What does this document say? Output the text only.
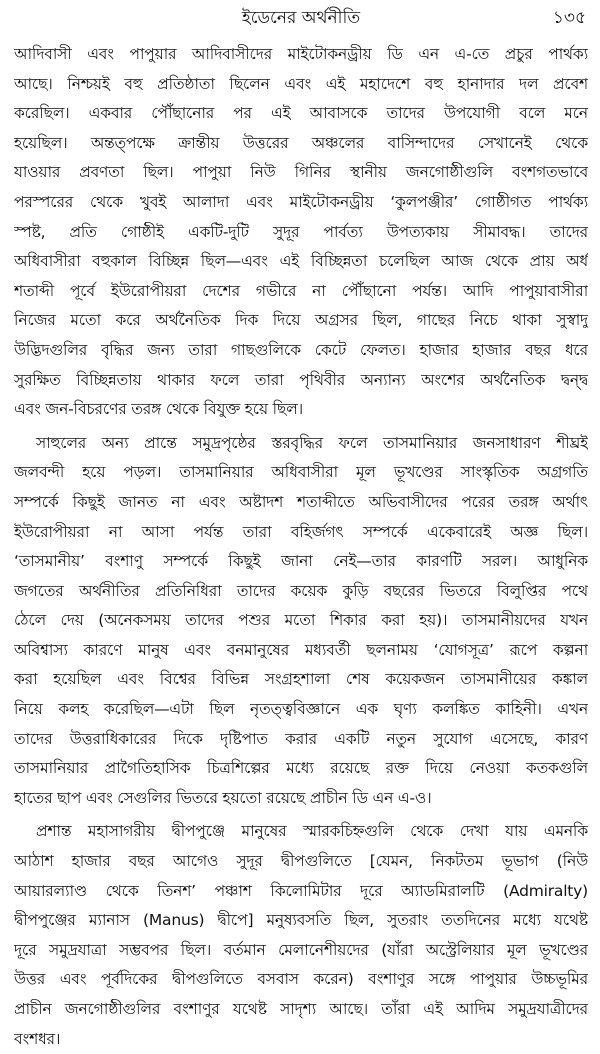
ইডেনের অর্থনীতি	১৩৫
আদিবাসী এবং পাপুয়ার আদিবাসীদের মাইটোকনড্রীয় ডি এন এ-তে প্রচুর পার্থক্য
আছে। নিশ্চয়ই বহু প্রতিষ্ঠাতা ছিলেন এবং এই মহাদেশে বহু হানাদার দল প্রবেশ
করেছিল। একবার পৌঁছানোর পর এই আবাসকে তাদের উপযোগী বলে মনে
হয়েছিল। অন্তত্পক্ষে ক্রান্তীয় উত্তরের অঞ্চলের বাসিন্দাদের সেখানেই থেকে
যাওয়ার প্রবণতা ছিল। পাপুয়া নিউ গিনির স্থানীয় জনগোষ্ঠীগুলি বংশগতভাবে
পরস্পরের থেকে খুবই আলাদা এবং মাইটোকনড্রীয় ‘কুলপঞ্জীর’ গোষ্ঠীগত পার্থক্য
স্পষ্ট, প্রতি গোষ্ঠীই একটি-দুটি সুদূর পার্বত্য উপত্যকায় সীমাবদ্ধ। তাদের
অধিবাসীরা বহুকাল বিচ্ছিন্ন ছিল—এবং এই বিচ্ছিন্নতা চলেছিল আজ থেকে প্রায় অর্ধ
শতাব্দী পূর্বে ইউরোপীয়রা দেশের গভীরে না পৌঁছানো পর্যন্ত। আদি পাপুয়াবাসীরা
নিজের মতো করে অর্থনৈতিক দিক দিয়ে অগ্রসর ছিল, গাছের নিচে থাকা সুস্বাদু
উদ্ভিদগুলির বৃদ্ধির জন্য তারা গাছগুলিকে কেটে ফেলত। হাজার হাজার বছর ধরে
সুরক্ষিত বিচ্ছিন্নতায় থাকার ফলে তারা পৃথিবীর অন্যান্য অংশের অর্থনৈতিক দ্বন্দ্ব
এবং জন-বিচরণের তরঙ্গ থেকে বিযুক্ত হয়ে ছিল।
সাহুলের অন্য প্রান্তে সমুদ্রপৃষ্ঠের স্তরবৃদ্ধির ফলে তাসমানিয়ার জনসাধারণ শীঘ্রই
জলবন্দী হয়ে পড়ল। তাসমানিয়ার অধিবাসীরা মূল ভূখণ্ডের সাংস্কৃতিক অগ্রগতি
সম্পর্কে কিছুই জানত না এবং অষ্টাদশ শতাব্দীতে অভিবাসীদের পরের তরঙ্গ অর্থাৎ
ইউরোপীয়রা না আসা পর্যন্ত তারা বহির্জগৎ সম্পর্কে একেবারেই অজ্ঞ ছিল।
‘তাসমানীয়’ বংশাণু সম্পর্কে কিছুই জানা নেই—তার কারণটি সরল। আধুনিক
জগতের অর্থনীতির প্রতিনিধিরা তাদের কয়েক কুড়ি বছরের ভিতরে বিলুপ্তির পথে
ঠেলে দেয় (অনেকসময় তাদের পশুর মতো শিকার করা হয়)। তাসমানীয়দের যখন
অবিশ্বাস্য কারণে মানুষ এবং বনমানুষের মধ্যবর্তী ছলনাময় ‘যোগসূত্র’ রূপে কল্পনা
করা হয়েছিল এবং বিশ্বের বিভিন্ন সংগ্রহশালা শেষ কয়েকজন তাসমানীয়ের কঙ্কাল
নিয়ে কলহ করেছিল—এটা ছিল নৃতত্ত্ববিজ্ঞানে এক ঘৃণ্য কলঙ্কিত কাহিনী। এখন
তাদের উত্তরাধিকারের দিকে দৃষ্টিপাত করার একটি নতুন সুযোগ এসেছে, কারণ
তাসমানিয়ার প্রাগৈতিহাসিক চিত্রশিল্পের মধ্যে রয়েছে রক্ত দিয়ে নেওয়া কতকগুলি
হাতের ছাপ এবং সেগুলির ভিতরে হয়তো রয়েছে প্রাচীন ডি এন এ-ও।
প্রশান্ত মহাসাগরীয় দ্বীপপুঞ্জে মানুষের স্মারকচিহ্নগুলি থেকে দেখা যায় এমনকি
আঠাশ হাজার বছর আগেও সুদূর দ্বীপগুলিতে [যেমন, নিকটতম ভূভাগ (নিউ
আয়ারল্যাণ্ড থেকে তিনশ’ পঞ্চাশ কিলোমিটার দূরে অ্যাডমিরালটি (Admiralty)
দ্বীপপুঞ্জের ম্যানাস (Manus) দ্বীপে] মনুষ্যবসতি ছিল, সুতরাং ততদিনের মধ্যে যথেষ্ট
দূরে সমুদ্রযাত্রা সম্ভবপর ছিল। বর্তমান মেলানেশীয়দের (যাঁরা অস্ট্রেলিয়ার মূল ভূখণ্ডের
উত্তর এবং পূর্বদিকের দ্বীপগুলিতে বসবাস করেন) বংশাণুর সঙ্গে পাপুয়ার উচ্চভূমির
প্রাচীন জনগোষ্ঠীগুলির বংশাণুর যথেষ্ট সাদৃশ্য আছে। তাঁরা এই আদিম সমুদ্রযাত্রীদের
বংশধর।
